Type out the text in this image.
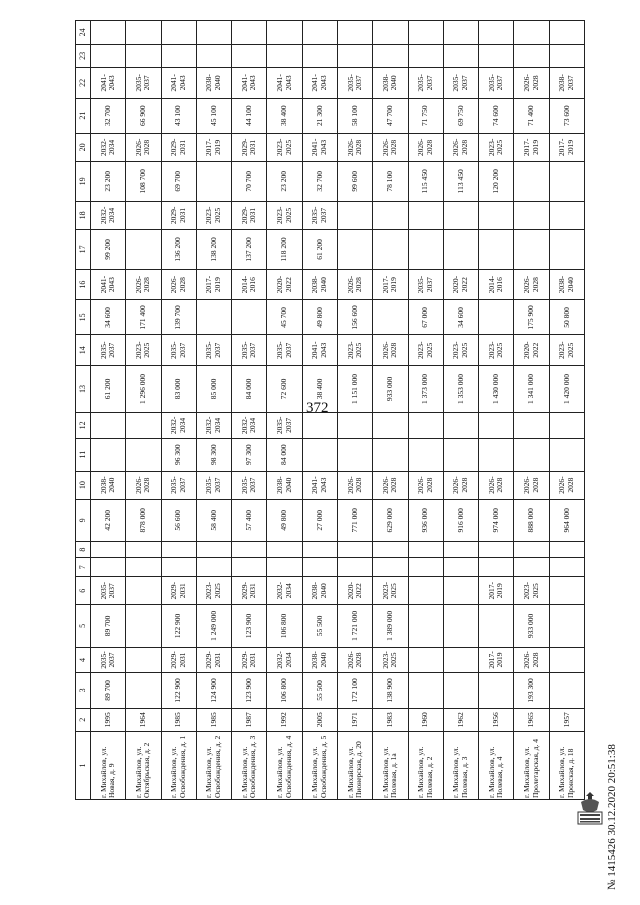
372
1	2	3	4	5	6	7	8	9	10	11	12	13	14	15	16	17	18	19	20	21	22	23	24
г. Михайлов, ул. Новая, д. 9	1995	89 700	2035-2037	89 700	2035-2037			42 200	2038-2040			61 200	2035-2037	34 600	2041-2043	99 200	2032-2034	23 200	2032-2034	32 700	2041-2043		
г. Михайлов, ул. Октябрьская, д. 2	1964							878 000	2026-2028			1 296 000	2023-2025	171 400	2026-2028			108 700	2026-2028	66 900	2035-2037		
г. Михайлов, ул. Освобождения, д. 1	1985	122 900	2029-2031	122 900	2029-2031			56 600	2035-2037	96 300	2032-2034	83 000	2035-2037	139 700	2026-2028	136 200	2029-2031	69 700	2029-2031	43 100	2041-2043		
г. Михайлов, ул. Освобождения, д. 2	1985	124 900	2029-2031	1 249 000	2023-2025			58 400	2035-2037	98 300	2032-2034	85 000	2035-2037		2017-2019	138 200	2023-2025		2017-2019	45 100	2038-2040		
г. Михайлов, ул. Освобождения, д. 3	1987	123 900	2029-2031	123 900	2029-2031			57 400	2035-2037	97 300	2032-2034	84 000	2035-2037		2014-2016	137 200	2029-2031	70 700	2029-2031	44 100	2041-2043		
г. Михайлов, ул. Освобождения, д. 4	1992	106 800	2032-2034	106 800	2032-2034			49 800	2038-2040	84 000	2035-2037	72 600	2035-2037	45 700	2020-2022	118 200	2023-2025	23 200	2023-2025	38 400	2041-2043		
г. Михайлов, ул. Освобождения, д. 5	2005	55 500	2038-2040	55 500	2038-2040			27 000	2041-2043			38 400	2041-2043	49 800	2038-2040	61 200	2035-2037	32 700	2041-2043	21 300	2041-2043		
г. Михайлов, ул. Пионерская, д. 20	1971	172 100	2026-2028	1 721 000	2020-2022			771 000	2026-2028			1 151 000	2023-2025	156 600	2026-2028			99 600	2026-2028	58 100	2035-2037		
г. Михайлов, ул. Полевая, д. 1а	1983	138 900	2023-2025	1 389 000	2023-2025			629 000	2026-2028			933 000	2026-2028		2017-2019			78 100	2026-2028	47 700	2038-2040		
г. Михайлов, ул. Полевая, д. 2	1960							936 000	2026-2028			1 373 000	2023-2025	67 000	2035-2037			115 450	2026-2028	71 750	2035-2037		
г. Михайлов, ул. Полевая, д. 3	1962							916 000	2026-2028			1 353 000	2023-2025	34 600	2020-2022			113 450	2026-2028	69 750	2035-2037		
г. Михайлов, ул. Полевая, д. 4	1956		2017-2019		2017-2019			974 000	2026-2028			1 430 000	2023-2025		2014-2016			120 200	2023-2025	74 600	2035-2037		
г. Михайлов, ул. Пролетарская, д. 4	1965	193 300	2026-2028	933 000	2023-2025			888 000	2026-2028			1 341 000	2020-2022	175 900	2026-2028				2017-2019	71 400	2026-2028		
г. Михайлов, ул. Пронская, д. 18	1957							964 000	2026-2028			1 420 000	2023-2025	50 800	2038-2040				2017-2019	73 600	2038-2037		
№ 1415426 30.12.2020 20:51:38
